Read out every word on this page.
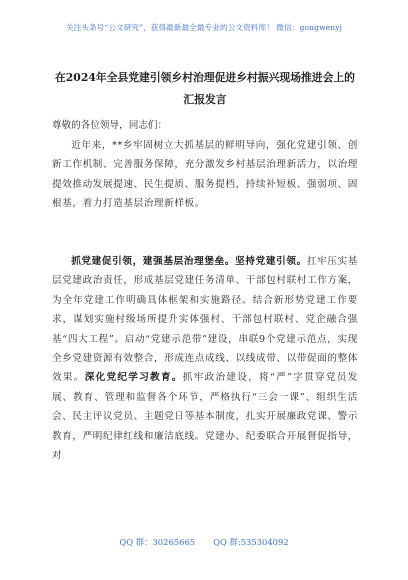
关注头条号“公文研究”，获得最新最全最专业的公文资料库！ 微信：gongwenyj
在2024年全县党建引领乡村治理促进乡村振兴现场推进会上的汇报发言
尊敬的各位领导，同志们：
近年来，**乡牢固树立大抓基层的鲜明导向，强化党建引领、创新工作机制、完善服务保障，充分激发乡村基层治理新活力，以治理提效推动发展提速、民生提质、服务提档，持续补短板、强弱项、固根基，着力打造基层治理新样板。
抓党建促引领，建强基层治理堡垒。坚持党建引领。扛牢压实基层党建政治责任，形成基层党建任务清单、干部包村联村工作方案，为全年党建工作明确具体框架和实施路径。结合新形势党建工作要求，谋划实施村级场所提升实体强村、干部包村联村、党企融合强基“四大工程”。启动“党建示范带”建设，串联9个党建示范点，实现全乡党建资源有效整合，形成连点成线、以线成带、以带促面的整体效果。深化党纪学习教育。抓牢政治建设，将“严”字贯穿党员发展、教育、管理和监督各个环节，严格执行“三会一课”、组织生活会、民主评议党员、主题党日等基本制度，扎实开展廉政党课、警示教育，严明纪律红线和廉洁底线。党建办、纪委联合开展督促指导，对
QQ 群：30265665 QQ 群:535304092
